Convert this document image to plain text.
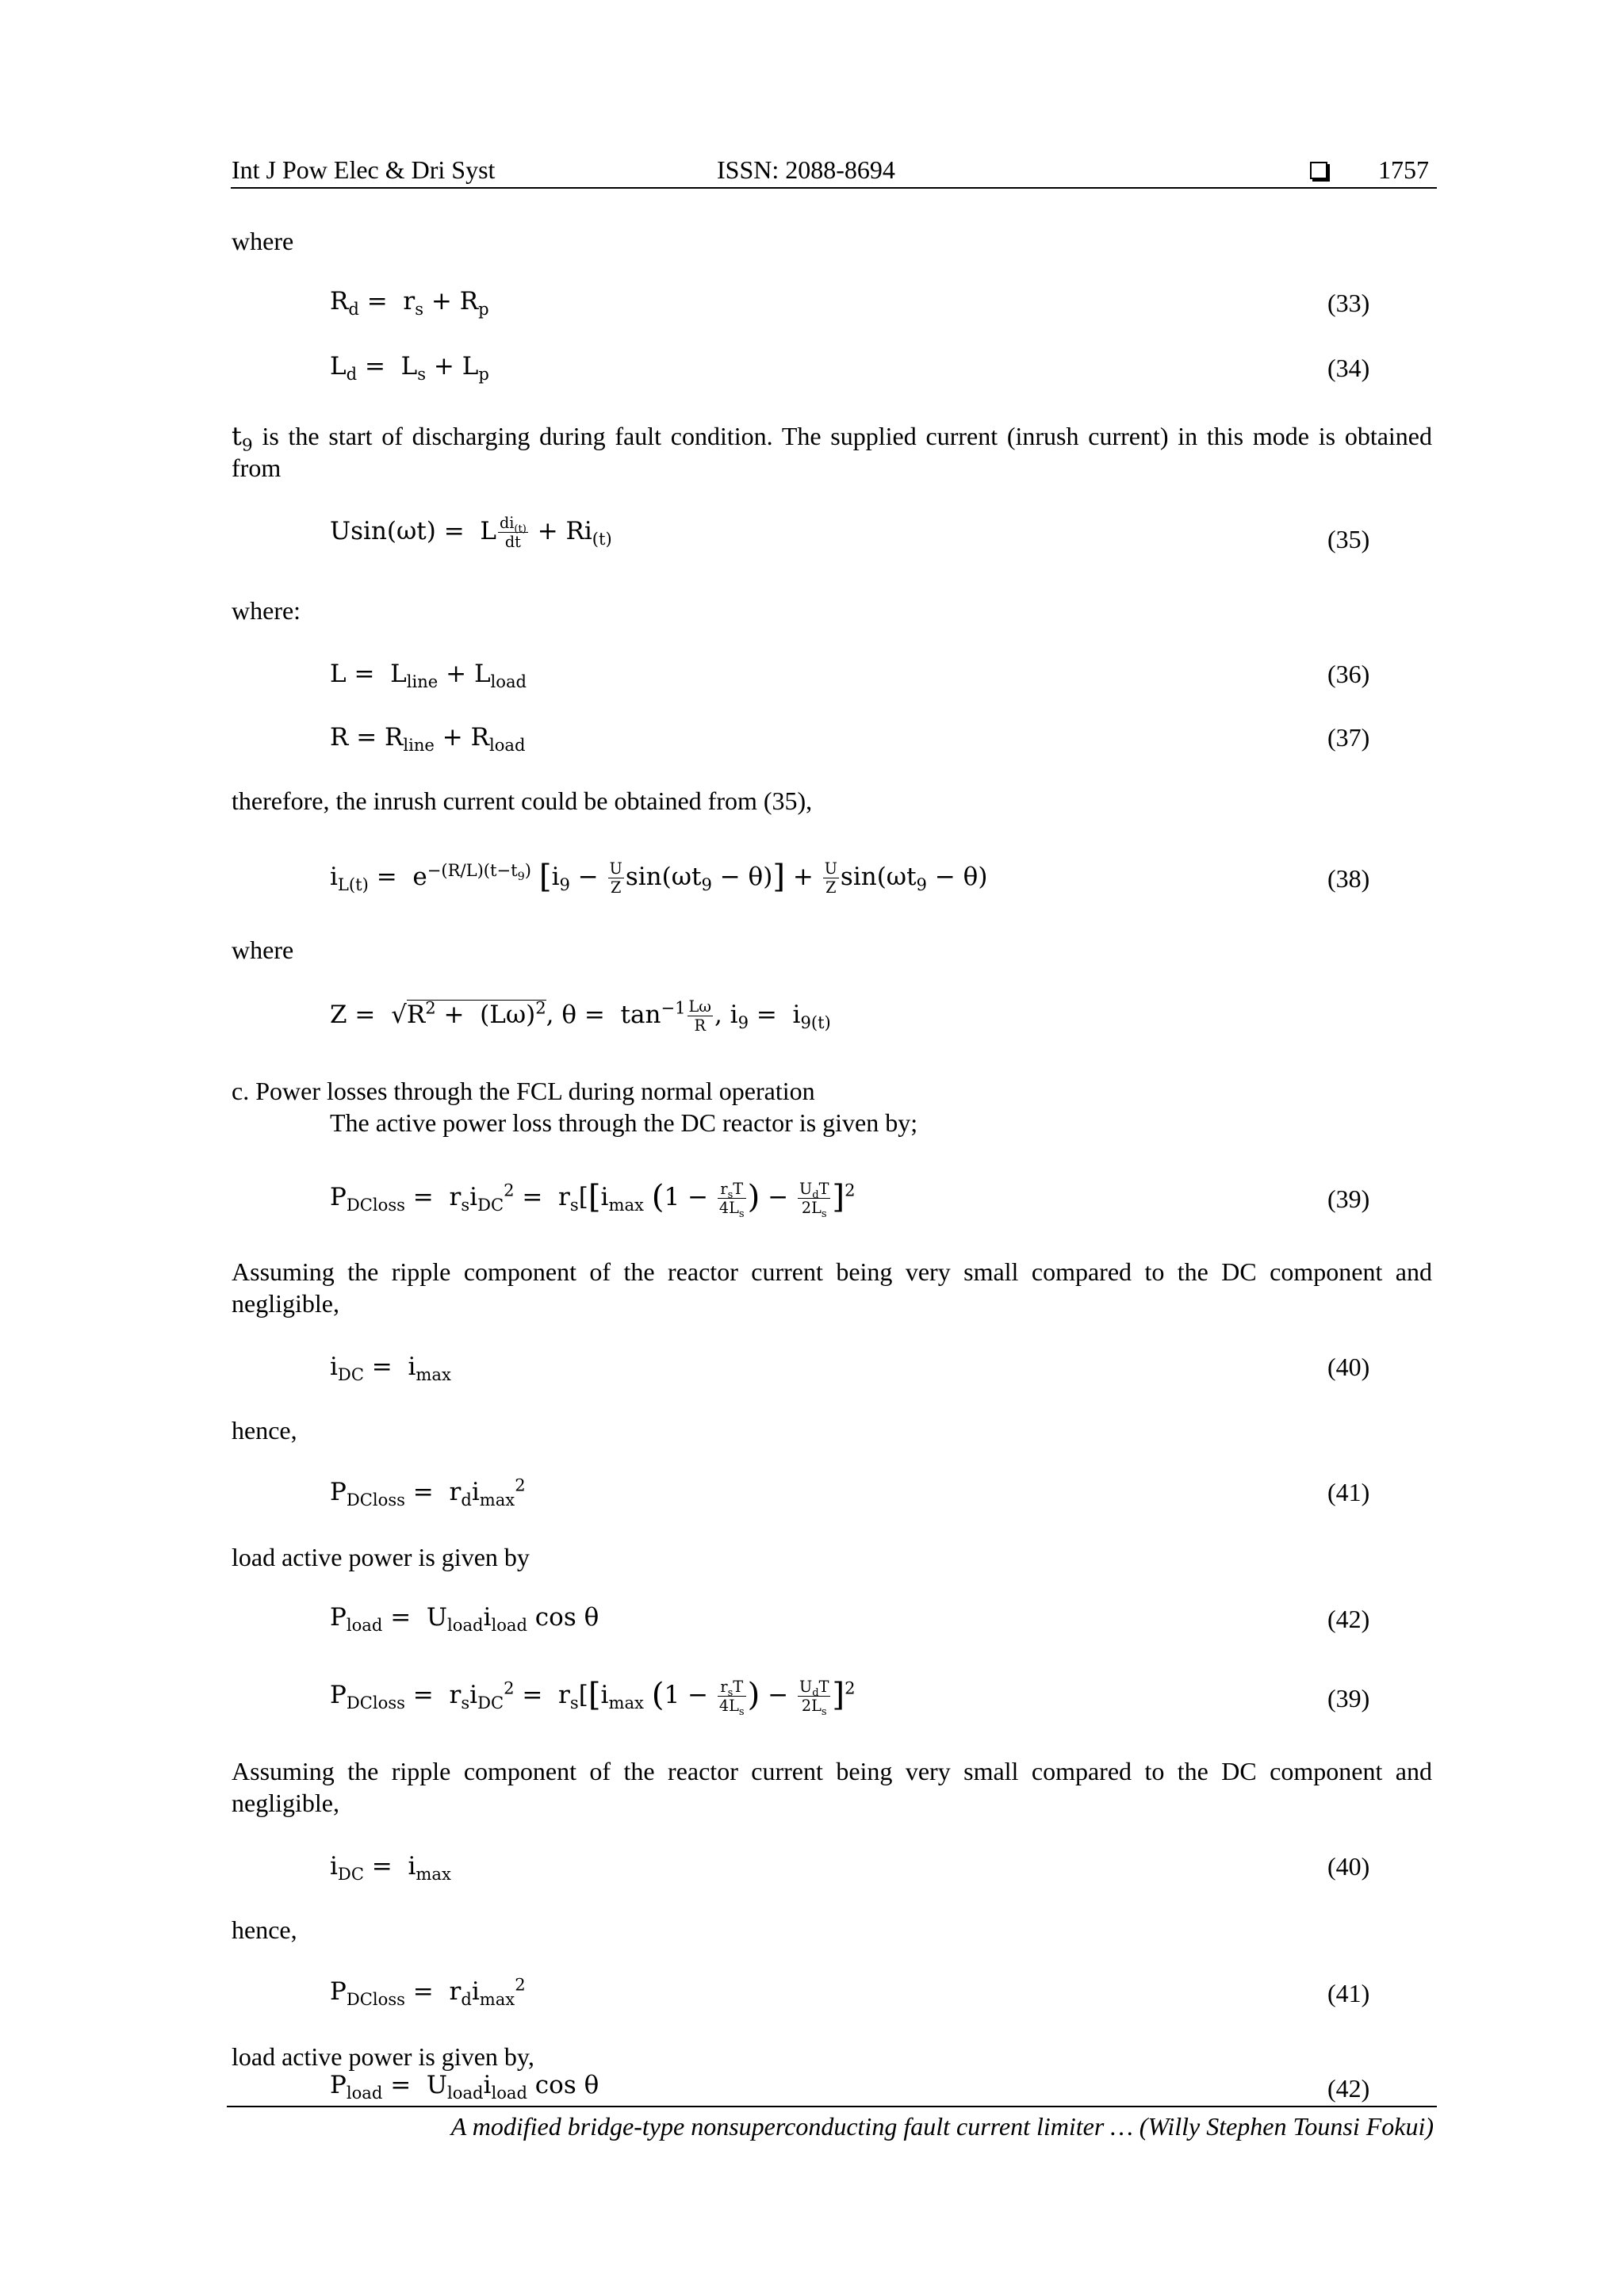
Int J Pow Elec & Dri Syst	ISSN: 2088-8694	1757
where
$R_d = r_s + R_p$	(33)
$L_d = L_s + L_p$	(34)
$t_9$ is the start of discharging during fault condition. The supplied current (inrush current) in this mode is obtained from
Usin(ωt) =  L $\frac{di_{(t)}}{dt} + Ri_{(t)}$	(35)
where:
$L = L_{line} + L_{load}$	(36)
$R = R_{line} + R_{load}$	(37)
therefore, the inrush current could be obtained from (35),
$i_{L(t)} = e^{-(R/L)(t-t_9)}$ $[i_9 - \frac{U}{Z} \sin(\omega t_9 - \theta)] + \frac{U}{Z} \sin(\omega t_9 - \theta)$	(38)
where
$Z = √R^2 + (L\omega)^2$, $\theta = \tan^{-1} \frac{L\omega}{R}$ , $i_9 = i_{9(t)}$
c. Power losses through the FCL during normal operation
The active power loss through the DC reactor is given by;
$P_{DCloss} = r_si_{DC}^2 = r_s[[i_{max}$ ($1 - \frac{r_sT}{4L_s}$ ) − $\frac{U_dT}{2L_s} ]^2$	(39)
Assuming the ripple component of the reactor current being very small compared to the DC component and negligible,
$i_{DC} = i_{max}$	(40)
hence,
$P_{DCloss} = r_di_{max}^2$	(41)
load active power is given by
$P_{load} = U_{load}i_{load}$ cos θ	(42)
$P_{DCloss} = r_si_{DC}^2 = r_s[[i_{max}$ ($1 - \frac{r_sT}{4L_s}$ ) − $\frac{U_dT}{2L_s} ]^2$	(39)
Assuming the ripple component of the reactor current being very small compared to the DC component and negligible,
$i_{DC} = i_{max}$	(40)
hence,
$P_{DCloss} = r_di_{max}^2$	(41)
load active power is given by,
$P_{load} = U_{load}i_{load}$ cos θ	(42)
A modified bridge-type nonsuperconducting fault current limiter … (Willy Stephen Tounsi Fokui)
